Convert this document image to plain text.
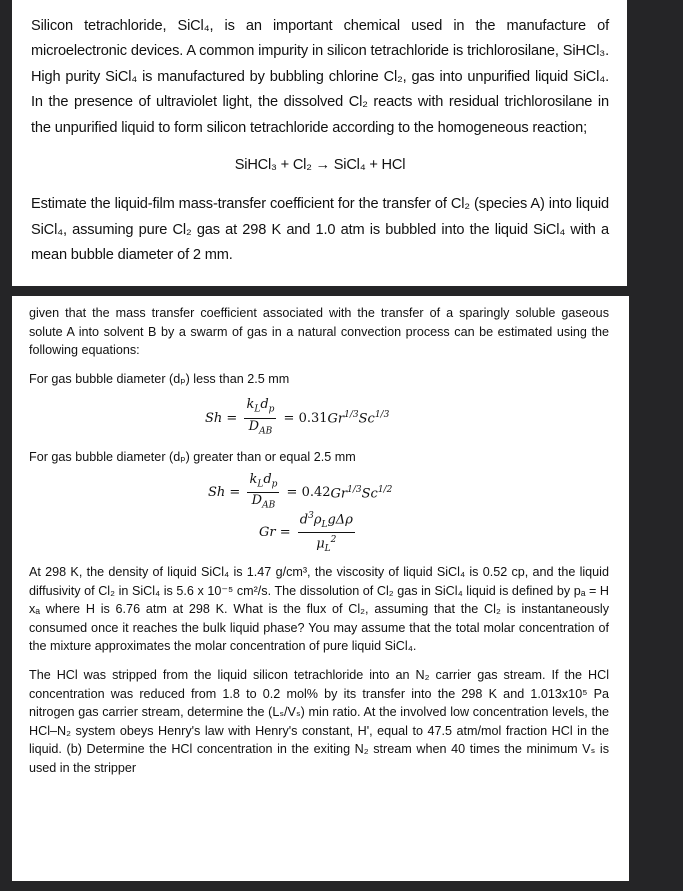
Silicon tetrachloride, SiCl₄, is an important chemical used in the manufacture of microelectronic devices. A common impurity in silicon tetrachloride is trichlorosilane, SiHCl₃. High purity SiCl₄ is manufactured by bubbling chlorine Cl₂, gas into unpurified liquid SiCl₄. In the presence of ultraviolet light, the dissolved Cl₂ reacts with residual trichlorosilane in the unpurified liquid to form silicon tetrachloride according to the homogeneous reaction;

SiHCl₃ + Cl₂ → SiCl₄ + HCl

Estimate the liquid-film mass-transfer coefficient for the transfer of Cl₂ (species A) into liquid SiCl₄, assuming pure Cl₂ gas at 298 K and 1.0 atm is bubbled into the liquid SiCl₄ with a mean bubble diameter of 2 mm.

given that the mass transfer coefficient associated with the transfer of a sparingly soluble gaseous solute A into solvent B by a swarm of gas in a natural convection process can be estimated using the following equations:

For gas bubble diameter (dₚ) less than 2.5 mm

$Sh = \frac{k_Ld_p}{D_{AB}} = 0.31$ $Gr^{1/3}Sc^{1/3}$

For gas bubble diameter (dₚ) greater than or equal 2.5 mm

$Sh = \frac{k_Ld_p}{D_{AB}} = 0.42$ $Gr^{1/3}Sc^{1/2}$
$Gr = \frac{d^3\rho_Lg\Delta\rho}{\mu_L^2}$

At 298 K, the density of liquid SiCl₄ is 1.47 g/cm³, the viscosity of liquid SiCl₄ is 0.52 cp, and the liquid diffusivity of Cl₂ in SiCl₄ is 5.6 x 10⁻⁵ cm²/s. The dissolution of Cl₂ gas in SiCl₄ liquid is defined by pₐ = H xₐ where H is 6.76 atm at 298 K. What is the flux of Cl₂, assuming that the Cl₂ is instantaneously consumed once it reaches the bulk liquid phase? You may assume that the total molar concentration of the mixture approximates the molar concentration of pure liquid SiCl₄.

The HCl was stripped from the liquid silicon tetrachloride into an N₂ carrier gas stream. If the HCl concentration was reduced from 1.8 to 0.2 mol% by its transfer into the 298 K and 1.013x10⁵ Pa nitrogen gas carrier stream, determine the (Lₛ/Vₛ) min ratio. At the involved low concentration levels, the HCl–N₂ system obeys Henry's law with Henry's constant, H', equal to 47.5 atm/mol fraction HCl in the liquid. (b) Determine the HCl concentration in the exiting N₂ stream when 40 times the minimum Vₛ is used in the stripper
